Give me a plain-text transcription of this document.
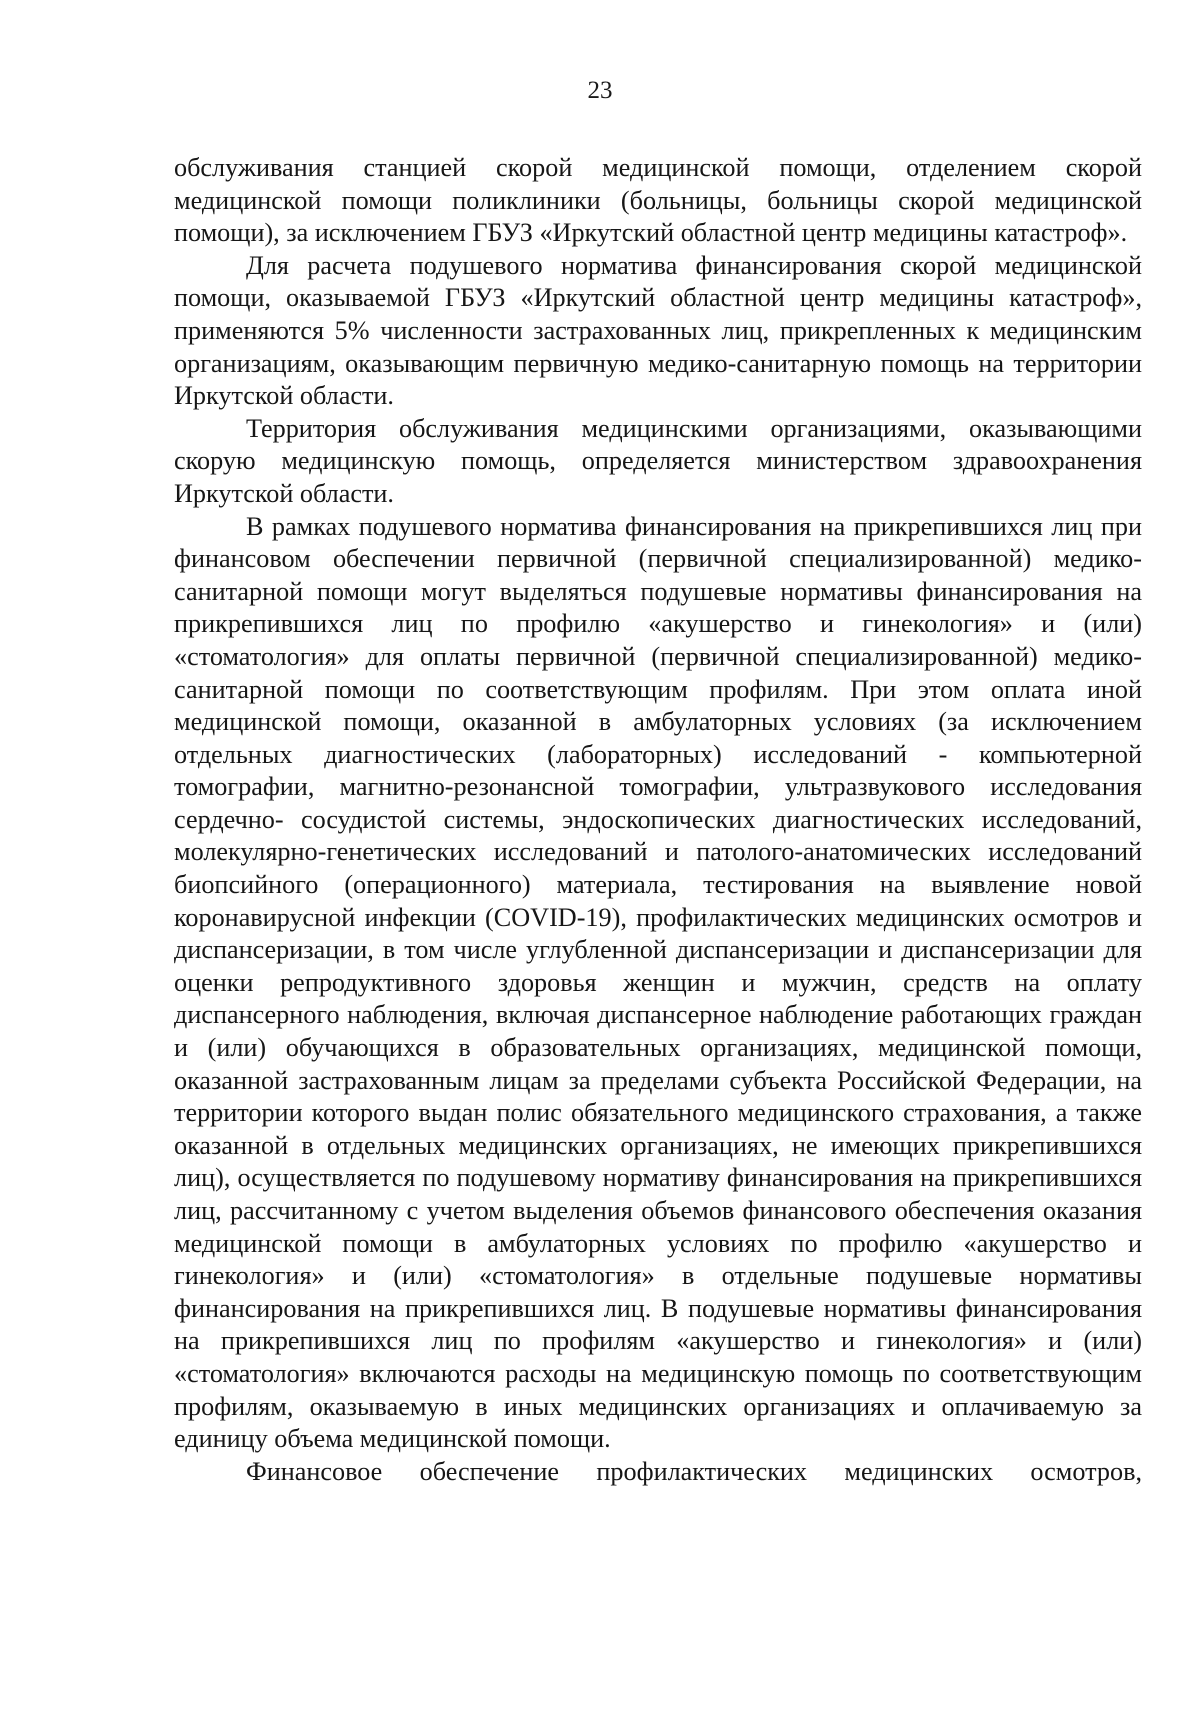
23

обслуживания станцией скорой медицинской помощи, отделением скорой медицинской помощи поликлиники (больницы, больницы скорой медицинской помощи), за исключением ГБУЗ «Иркутский областной центр медицины катастроф».

Для расчета подушевого норматива финансирования скорой медицинской помощи, оказываемой ГБУЗ «Иркутский областной центр медицины катастроф», применяются 5% численности застрахованных лиц, прикрепленных к медицинским организациям, оказывающим первичную медико-санитарную помощь на территории Иркутской области.

Территория обслуживания медицинскими организациями, оказывающими скорую медицинскую помощь, определяется министерством здравоохранения Иркутской области.

В рамках подушевого норматива финансирования на прикрепившихся лиц при финансовом обеспечении первичной (первичной специализированной) медико-санитарной помощи могут выделяться подушевые нормативы финансирования на прикрепившихся лиц по профилю «акушерство и гинекология» и (или) «стоматология» для оплаты первичной (первичной специализированной) медико-санитарной помощи по соответствующим профилям. При этом оплата иной медицинской помощи, оказанной в амбулаторных условиях (за исключением отдельных диагностических (лабораторных) исследований - компьютерной томографии, магнитно-резонансной томографии, ультразвукового исследования сердечно- сосудистой системы, эндоскопических диагностических исследований, молекулярно-генетических исследований и патолого-анатомических исследований биопсийного (операционного) материала, тестирования на выявление новой коронавирусной инфекции (COVID-19), профилактических медицинских осмотров и диспансеризации, в том числе углубленной диспансеризации и диспансеризации для оценки репродуктивного здоровья женщин и мужчин, средств на оплату диспансерного наблюдения, включая диспансерное наблюдение работающих граждан и (или) обучающихся в образовательных организациях, медицинской помощи, оказанной застрахованным лицам за пределами субъекта Российской Федерации, на территории которого выдан полис обязательного медицинского страхования, а также оказанной в отдельных медицинских организациях, не имеющих прикрепившихся лиц), осуществляется по подушевому нормативу финансирования на прикрепившихся лиц, рассчитанному с учетом выделения объемов финансового обеспечения оказания медицинской помощи в амбулаторных условиях по профилю «акушерство и гинекология» и (или) «стоматология» в отдельные подушевые нормативы финансирования на прикрепившихся лиц. В подушевые нормативы финансирования на прикрепившихся лиц по профилям «акушерство и гинекология» и (или) «стоматология» включаются расходы на медицинскую помощь по соответствующим профилям, оказываемую в иных медицинских организациях и оплачиваемую за единицу объема медицинской помощи.

Финансовое обеспечение профилактических медицинских осмотров,
